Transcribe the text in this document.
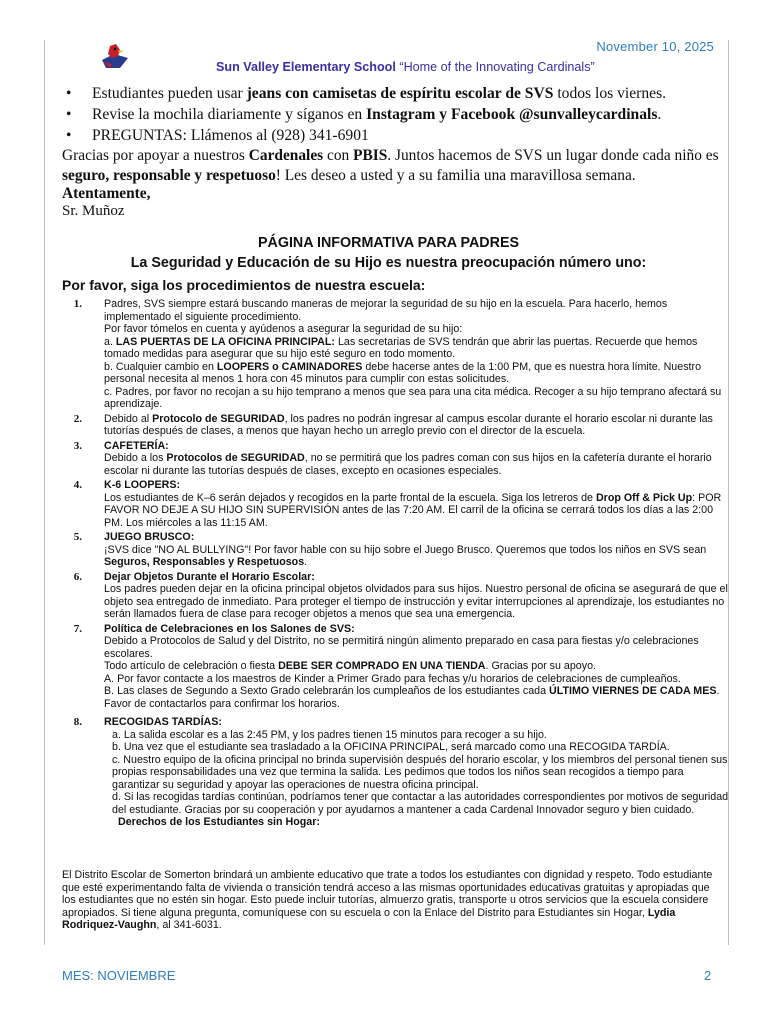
November 10, 2025
Sun Valley Elementary School “Home of the Innovating Cardinals”
•	Estudiantes pueden usar jeans con camisetas de espíritu escolar de SVS todos los viernes.
•	Revise la mochila diariamente y síganos en Instagram y Facebook @sunvalleycardinals.
•	PREGUNTAS: Llámenos al (928) 341-6901
Gracias por apoyar a nuestros Cardenales con PBIS. Juntos hacemos de SVS un lugar donde cada niño es seguro, responsable y respetuoso! Les deseo a usted y a su familia una maravillosa semana.
Atentamente,
Sr. Muñoz
PÁGINA INFORMATIVA PARA PADRES
La Seguridad y Educación de su Hijo es nuestra preocupación número uno:
Por favor, siga los procedimientos de nuestra escuela:
1.	Padres, SVS siempre estará buscando maneras de mejorar la seguridad de su hijo en la escuela. Para hacerlo, hemos implementado el siguiente procedimiento.

Por favor tómelos en cuenta y ayúdenos a asegurar la seguridad de su hijo:

a. LAS PUERTAS DE LA OFICINA PRINCIPAL: Las secretarias de SVS tendrán que abrir las puertas. Recuerde que hemos tomado medidas para asegurar que su hijo esté seguro en todo momento.

b. Cualquier cambio en LOOPERS o CAMINADORES debe hacerse antes de la 1:00 PM, que es nuestra hora límite. Nuestro personal necesita al menos 1 hora con 45 minutos para cumplir con estas solicitudes.

c. Padres, por favor no recojan a su hijo temprano a menos que sea para una cita médica. Recoger a su hijo temprano afectará su aprendizaje.

2.	Debido al Protocolo de SEGURIDAD, los padres no podrán ingresar al campus escolar durante el horario escolar ni durante las tutorías después de clases, a menos que hayan hecho un arreglo previo con el director de la escuela.

3.	CAFETERÍA:

Debido a los Protocolos de SEGURIDAD, no se permitirá que los padres coman con sus hijos en la cafetería durante el horario escolar ni durante las tutorías después de clases, excepto en ocasiones especiales.

4.	K-6 LOOPERS:

Los estudiantes de K–6 serán dejados y recogidos en la parte frontal de la escuela. Siga los letreros de Drop Off & Pick Up: POR FAVOR NO DEJE A SU HIJO SIN SUPERVISIÓN antes de las 7:20 AM. El carril de la oficina se cerrará todos los días a las 2:00 PM. Los miércoles a las 11:15 AM.

5.	JUEGO BRUSCO:

¡SVS dice "NO AL BULLYING"! Por favor hable con su hijo sobre el Juego Brusco. Queremos que todos los niños en SVS sean Seguros, Responsables y Respetuosos.

6.	Dejar Objetos Durante el Horario Escolar:

Los padres pueden dejar en la oficina principal objetos olvidados para sus hijos. Nuestro personal de oficina se asegurará de que el objeto sea entregado de inmediato. Para proteger el tiempo de instrucción y evitar interrupciones al aprendizaje, los estudiantes no serán llamados fuera de clase para recoger objetos a menos que sea una emergencia.

7.	Política de Celebraciones en los Salones de SVS:

Debido a Protocolos de Salud y del Distrito, no se permitirá ningún alimento preparado en casa para fiestas y/o celebraciones escolares.

Todo artículo de celebración o fiesta DEBE SER COMPRADO EN UNA TIENDA. Gracias por su apoyo.

A. Por favor contacte a los maestros de Kinder a Primer Grado para fechas y/u horarios de celebraciones de cumpleaños.

B. Las clases de Segundo a Sexto Grado celebrarán los cumpleaños de los estudiantes cada ÚLTIMO VIERNES DE CADA MES. Favor de contactarlos para confirmar los horarios.

8.	RECOGIDAS TARDÍAS:

a. La salida escolar es a las 2:45 PM, y los padres tienen 15 minutos para recoger a su hijo.

b. Una vez que el estudiante sea trasladado a la OFICINA PRINCIPAL, será marcado como una RECOGIDA TARDÍA.

c. Nuestro equipo de la oficina principal no brinda supervisión después del horario escolar, y los miembros del personal tienen sus propias responsabilidades una vez que termina la salida. Les pedimos que todos los niños sean recogidos a tiempo para garantizar su seguridad y apoyar las operaciones de nuestra oficina principal.

d. Si las recogidas tardías continúan, podríamos tener que contactar a las autoridades correspondientes por motivos de seguridad del estudiante. Gracias por su cooperación y por ayudarnos a mantener a cada Cardenal Innovador seguro y bien cuidado.

Derechos de los Estudiantes sin Hogar:

El Distrito Escolar de Somerton brindará un ambiente educativo que trate a todos los estudiantes con dignidad y respeto. Todo estudiante que esté experimentando falta de vivienda o transición tendrá acceso a las mismas oportunidades educativas gratuitas y apropiadas que los estudiantes que no estén sin hogar. Esto puede incluir tutorías, almuerzo gratis, transporte u otros servicios que la escuela considere apropiados. Si tiene alguna pregunta, comuníquese con su escuela o con la Enlace del Distrito para Estudiantes sin Hogar, Lydia Rodriquez-Vaughn, al 341-6031.
MES: NOVIEMBRE	2
